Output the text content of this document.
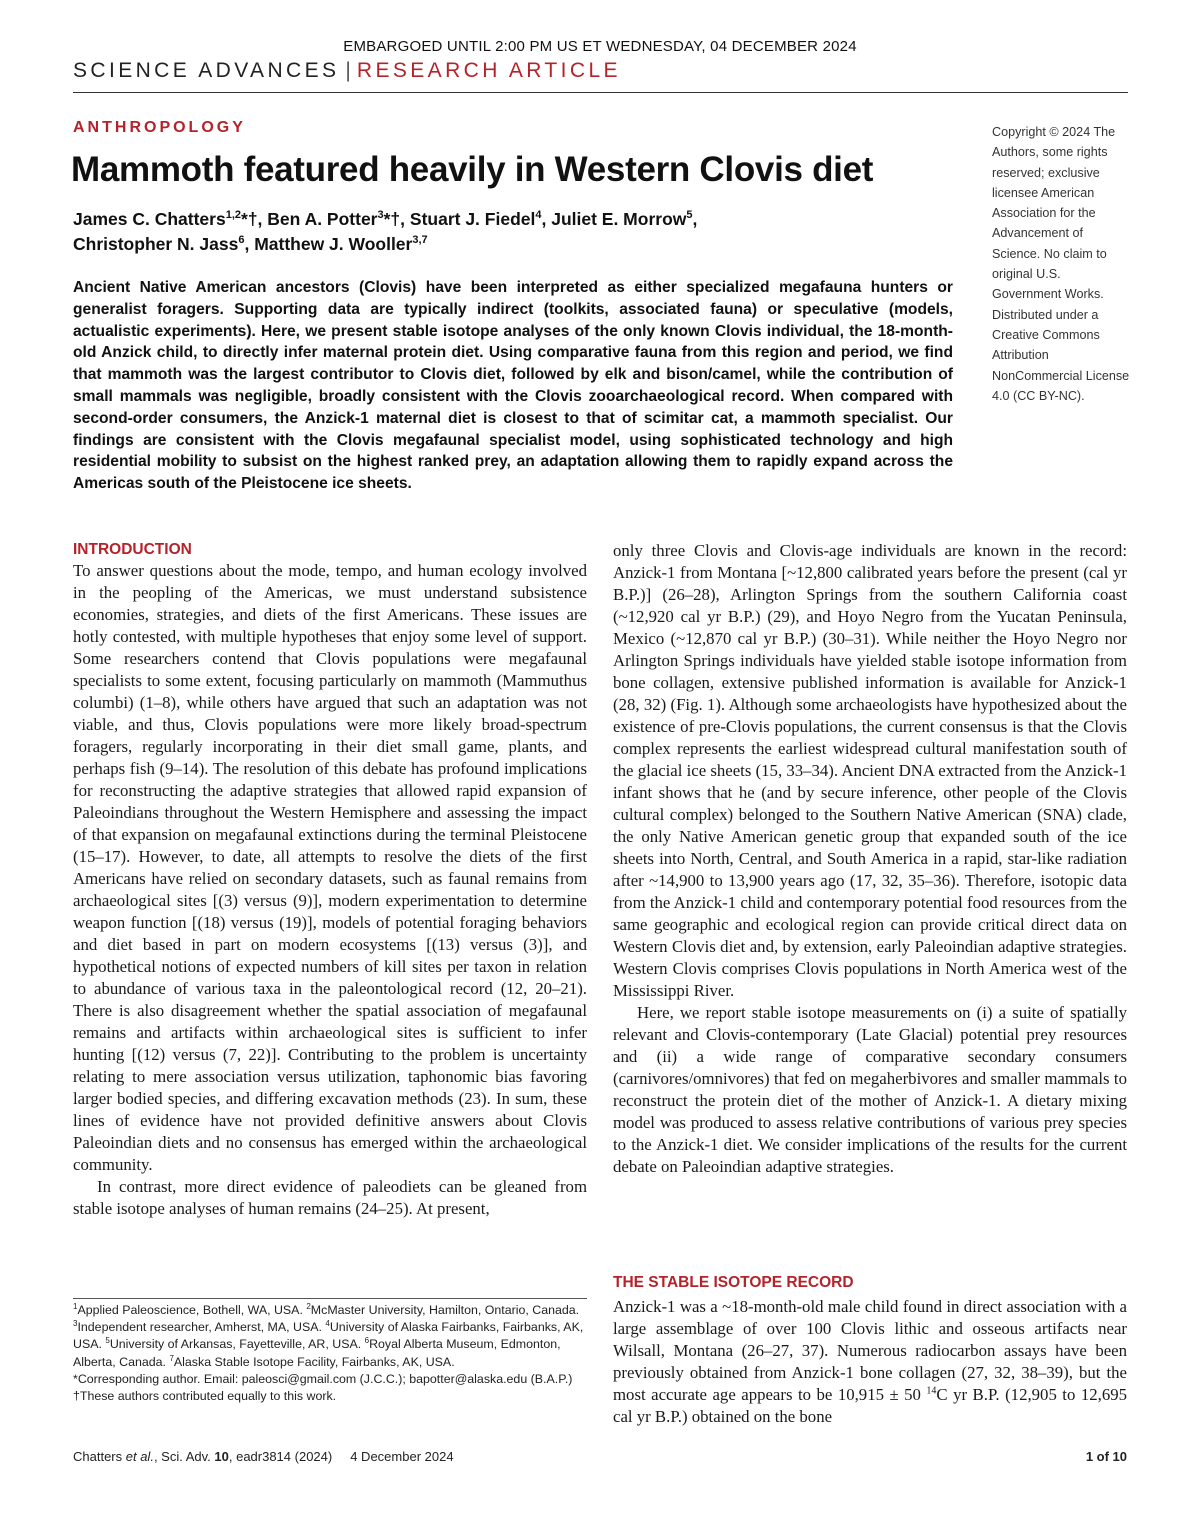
EMBARGOED UNTIL 2:00 PM US ET WEDNESDAY, 04 DECEMBER 2024
SCIENCE ADVANCES | RESEARCH ARTICLE
ANTHROPOLOGY
Mammoth featured heavily in Western Clovis diet
James C. Chatters$^{1,2}$*†, Ben A. Potter$^3$*†, Stuart J. Fiedel$^4$, Juliet E. Morrow$^5$,
Christopher N. Jass$^6$, Matthew J. Wooller$^{3,7}$
Copyright © 2024 The Authors, some rights reserved; exclusive licensee American Association for the Advancement of Science. No claim to original U.S. Government Works. Distributed under a Creative Commons Attribution NonCommercial License 4.0 (CC BY-NC).
Ancient Native American ancestors (Clovis) have been interpreted as either specialized megafauna hunters or generalist foragers. Supporting data are typically indirect (toolkits, associated fauna) or speculative (models, actualistic experiments). Here, we present stable isotope analyses of the only known Clovis individual, the 18-month-old Anzick child, to directly infer maternal protein diet. Using comparative fauna from this region and period, we find that mammoth was the largest contributor to Clovis diet, followed by elk and bison/camel, while the contribution of small mammals was negligible, broadly consistent with the Clovis zooarchaeological record. When compared with second-order consumers, the Anzick-1 maternal diet is closest to that of scimitar cat, a mammoth specialist. Our findings are consistent with the Clovis megafaunal specialist model, using sophisticated technology and high residential mobility to subsist on the highest ranked prey, an adaptation allowing them to rapidly expand across the Americas south of the Pleistocene ice sheets.
INTRODUCTION

To answer questions about the mode, tempo, and human ecology involved in the peopling of the Americas, we must understand subsistence economies, strategies, and diets of the first Americans. These issues are hotly contested, with multiple hypotheses that enjoy some level of support. Some researchers contend that Clovis populations were megafaunal specialists to some extent, focusing particularly on mammoth (Mammuthus columbi) (1–8), while others have argued that such an adaptation was not viable, and thus, Clovis populations were more likely broad-spectrum foragers, regularly incorporating in their diet small game, plants, and perhaps fish (9–14). The resolution of this debate has profound implications for reconstructing the adaptive strategies that allowed rapid expansion of Paleoindians throughout the Western Hemisphere and assessing the impact of that expansion on megafaunal extinctions during the terminal Pleistocene (15–17). However, to date, all attempts to resolve the diets of the first Americans have relied on secondary datasets, such as faunal remains from archaeological sites [(3) versus (9)], modern experimentation to determine weapon function [(18) versus (19)], models of potential foraging behaviors and diet based in part on modern ecosystems [(13) versus (3)], and hypothetical notions of expected numbers of kill sites per taxon in relation to abundance of various taxa in the paleontological record (12, 20–21). There is also disagreement whether the spatial association of megafaunal remains and artifacts within archaeological sites is sufficient to infer hunting [(12) versus (7, 22)]. Contributing to the problem is uncertainty relating to mere association versus utilization, taphonomic bias favoring larger bodied species, and differing excavation methods (23). In sum, these lines of evidence have not provided definitive answers about Clovis Paleoindian diets and no consensus has emerged within the archaeological community.

In contrast, more direct evidence of paleodiets can be gleaned from stable isotope analyses of human remains (24–25). At present,

$^1$Applied Paleoscience, Bothell, WA, USA. $^2$McMaster University, Hamilton, Ontario, Canada. $^3$Independent researcher, Amherst, MA, USA. $^4$University of Alaska Fairbanks, Fairbanks, AK, USA. $^5$University of Arkansas, Fayetteville, AR, USA. $^6$Royal Alberta Museum, Edmonton, Alberta, Canada. $^7$Alaska Stable Isotope Facility, Fairbanks, AK, USA.
*Corresponding author. Email: paleosci@gmail.com (J.C.C.); bapotter@alaska.edu (B.A.P.)
†These authors contributed equally to this work.

only three Clovis and Clovis-age individuals are known in the record: Anzick-1 from Montana [~12,800 calibrated years before the present (cal yr B.P.)] (26–28), Arlington Springs from the southern California coast (~12,920 cal yr B.P.) (29), and Hoyo Negro from the Yucatan Peninsula, Mexico (~12,870 cal yr B.P.) (30–31). While neither the Hoyo Negro nor Arlington Springs individuals have yielded stable isotope information from bone collagen, extensive published information is available for Anzick-1 (28, 32) (Fig. 1). Although some archaeologists have hypothesized about the existence of pre-Clovis populations, the current consensus is that the Clovis complex represents the earliest widespread cultural manifestation south of the glacial ice sheets (15, 33–34). Ancient DNA extracted from the Anzick-1 infant shows that he (and by secure inference, other people of the Clovis cultural complex) belonged to the Southern Native American (SNA) clade, the only Native American genetic group that expanded south of the ice sheets into North, Central, and South America in a rapid, star-like radiation after ~14,900 to 13,900 years ago (17, 32, 35–36). Therefore, isotopic data from the Anzick-1 child and contemporary potential food resources from the same geographic and ecological region can provide critical direct data on Western Clovis diet and, by extension, early Paleoindian adaptive strategies. Western Clovis comprises Clovis populations in North America west of the Mississippi River.

Here, we report stable isotope measurements on (i) a suite of spatially relevant and Clovis-contemporary (Late Glacial) potential prey resources and (ii) a wide range of comparative secondary consumers (carnivores/omnivores) that fed on megaherbivores and smaller mammals to reconstruct the protein diet of the mother of Anzick-1. A dietary mixing model was produced to assess relative contributions of various prey species to the Anzick-1 diet. We consider implications of the results for the current debate on Paleoindian adaptive strategies.

THE STABLE ISOTOPE RECORD

Anzick-1 was a ~18-month-old male child found in direct association with a large assemblage of over 100 Clovis lithic and osseous artifacts near Wilsall, Montana (26–27, 37). Numerous radiocarbon assays have been previously obtained from Anzick-1 bone collagen (27, 32, 38–39), but the most accurate age appears to be 10,915 ± 50 $^{14}$C yr B.P. (12,905 to 12,695 cal yr B.P.) obtained on the bone

Chatters et al., Sci. Adv. 10, eadr3814 (2024) 4 December 2024	1 of 10
